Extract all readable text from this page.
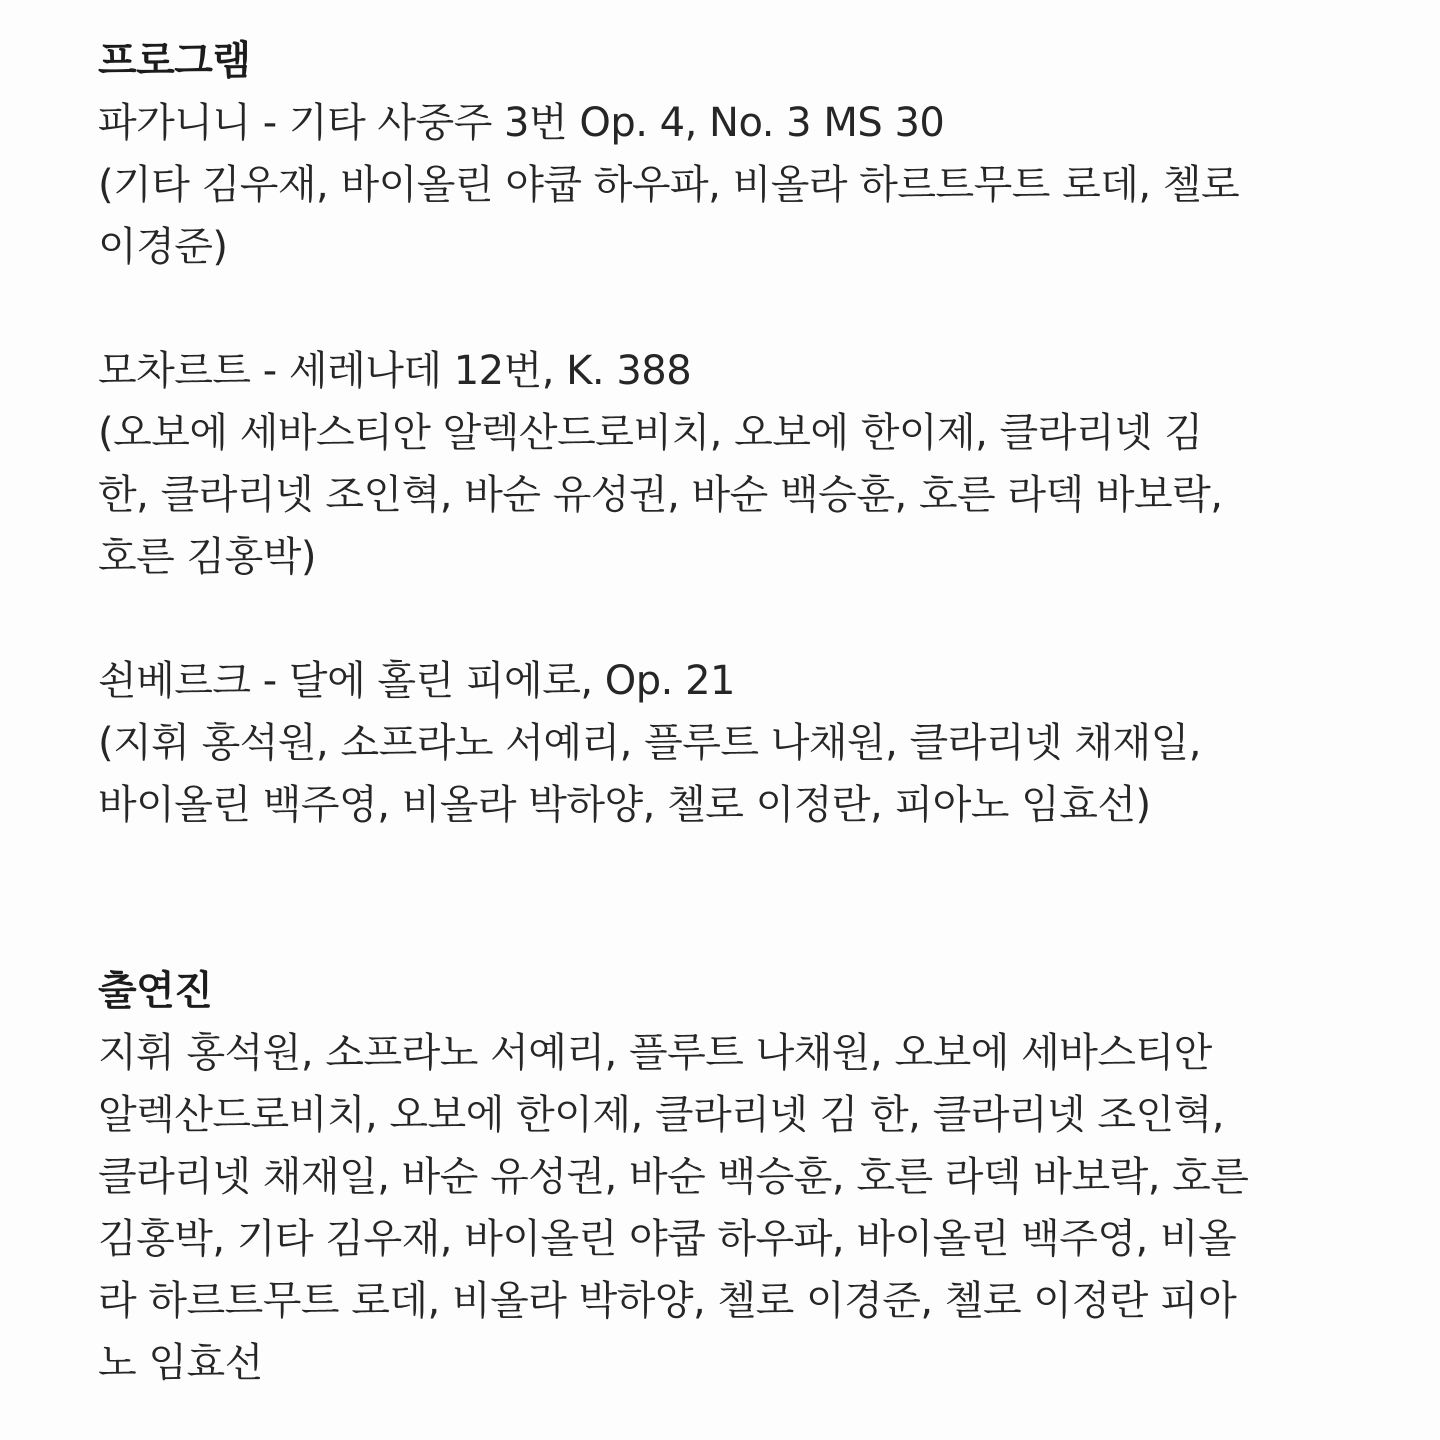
프로그램
파가니니 - 기타 사중주 3번 Op. 4, No. 3 MS 30
(기타 김우재, 바이올린 야쿱 하우파, 비올라 하르트무트 로데, 첼로
이경준)
모차르트 - 세레나데 12번, K. 388
(오보에 세바스티안 알렉산드로비치, 오보에 한이제, 클라리넷 김
한, 클라리넷 조인혁, 바순 유성권, 바순 백승훈, 호른 라덱 바보락,
호른 김홍박)
쇤베르크 - 달에 홀린 피에로, Op. 21
(지휘 홍석원, 소프라노 서예리, 플루트 나채원, 클라리넷 채재일,
바이올린 백주영, 비올라 박하양, 첼로 이정란, 피아노 임효선)
출연진
지휘 홍석원, 소프라노 서예리, 플루트 나채원, 오보에 세바스티안
알렉산드로비치, 오보에 한이제, 클라리넷 김 한, 클라리넷 조인혁,
클라리넷 채재일, 바순 유성권, 바순 백승훈, 호른 라덱 바보락, 호른
김홍박, 기타 김우재, 바이올린 야쿱 하우파, 바이올린 백주영, 비올
라 하르트무트 로데, 비올라 박하양, 첼로 이경준, 첼로 이정란 피아
노 임효선
